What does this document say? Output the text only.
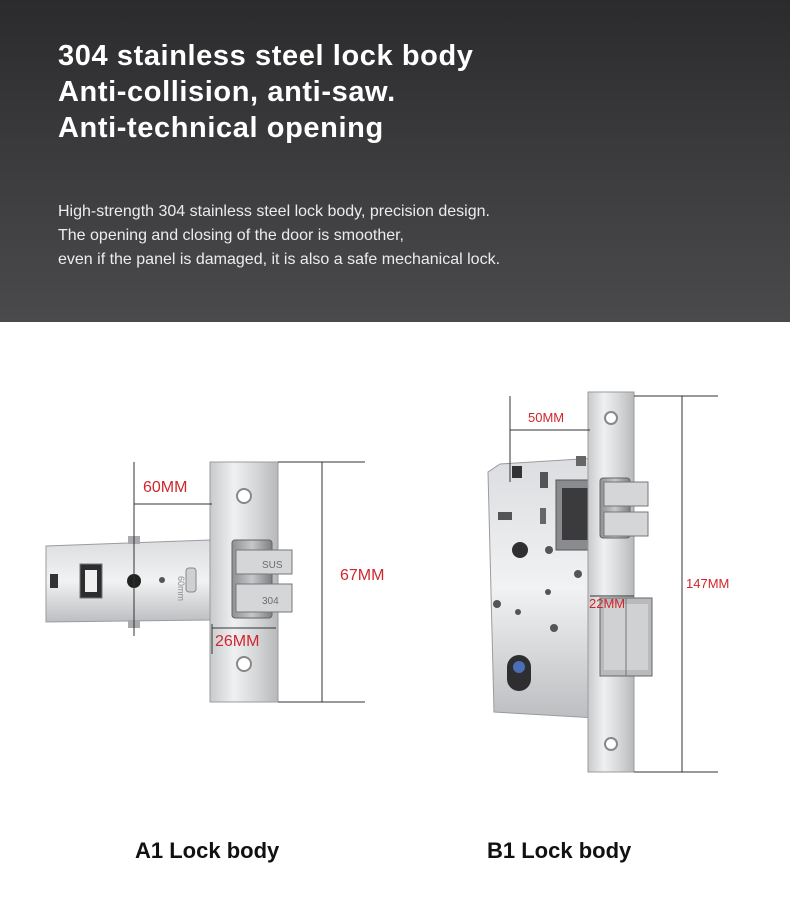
304 stainless steel lock body
Anti-collision, anti-saw.
Anti-technical opening
High-strength 304 stainless steel lock body, precision design.
The opening and closing of the door is smoother,
even if the panel is damaged, it is also a safe mechanical lock.
60mm
SUS
304
60MM
67MM
26MM
50MM
147MM
22MM
A1 Lock body	B1 Lock body
